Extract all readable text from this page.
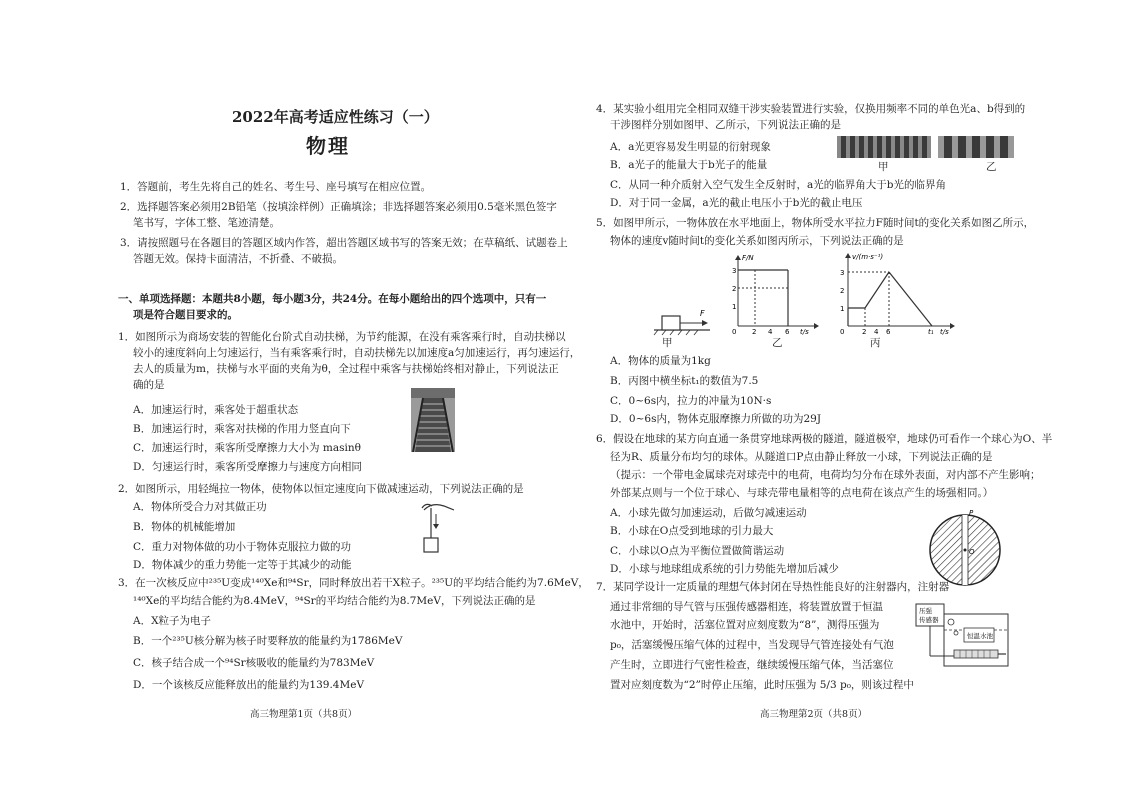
2022年高考适应性练习（一）
物理
1．答题前，考生先将自己的姓名、考生号、座号填写在相应位置。
2．选择题答案必须用2B铅笔（按填涂样例）正确填涂；非选择题答案必须用0.5毫米黑色签字
笔书写，字体工整、笔迹清楚。
3．请按照题号在各题目的答题区域内作答，超出答题区域书写的答案无效；在草稿纸、试题卷上
答题无效。保持卡面清洁，不折叠、不破损。
一、单项选择题：本题共8小题，每小题3分，共24分。在每小题给出的四个选项中，只有一
项是符合题目要求的。
1．如图所示为商场安装的智能化台阶式自动扶梯，为节约能源，在没有乘客乘行时，自动扶梯以
较小的速度斜向上匀速运行，当有乘客乘行时，自动扶梯先以加速度a匀加速运行，再匀速运行，
去人的质量为m，扶梯与水平面的夹角为θ，全过程中乘客与扶梯始终相对静止，下列说法正
确的是
A．加速运行时，乘客处于超重状态
B．加速运行时，乘客对扶梯的作用力竖直向下
C．加速运行时，乘客所受摩擦力大小为 masinθ
D．匀速运行时，乘客所受摩擦力与速度方向相同
2．如图所示，用轻绳拉一物体，使物体以恒定速度向下做减速运动，下列说法正确的是
A．物体所受合力对其做正功
B．物体的机械能增加
C．重力对物体做的功小于物体克服拉力做的功
D．物体减少的重力势能一定等于其减少的动能
3．在一次核反应中²³⁵U变成¹⁴⁰Xe和⁹⁴Sr，同时释放出若干X粒子。²³⁵U的平均结合能约为7.6MeV，
¹⁴⁰Xe的平均结合能约为8.4MeV，⁹⁴Sr的平均结合能约为8.7MeV，下列说法正确的是
A．X粒子为电子
B．一个²³⁵U核分解为核子时要释放的能量约为1786MeV
C．核子结合成一个⁹⁴Sr核吸收的能量约为783MeV
D．一个该核反应能释放出的能量约为139.4MeV
高三物理第1页（共8页）
4．某实验小组用完全相同双缝干涉实验装置进行实验，仅换用频率不同的单色光a、b得到的
干涉图样分别如图甲、乙所示，下列说法正确的是
A．a光更容易发生明显的衍射现象
B．a光子的能量大于b光子的能量
C．从同一种介质射入空气发生全反射时，a光的临界角大于b光的临界角
D．对于同一金属，a光的截止电压小于b光的截止电压
甲	乙
5．如图甲所示，一物体放在水平地面上，物体所受水平拉力F随时间t的变化关系如图乙所示，
物体的速度v随时间t的变化关系如图丙所示，下列说法正确的是
F
甲
F/N
3
2
1
0 2 4 6 t/s
乙
v/(m·s⁻¹)
3
2
1
0	2 4 6	t₁ t/s
丙
A．物体的质量为1kg
B．丙图中横坐标t₁的数值为7.5
C．0~6s内，拉力的冲量为10N·s
D．0~6s内，物体克服摩擦力所做的功为29J
6．假设在地球的某方向直通一条贯穿地球两极的隧道，隧道极窄，地球仍可看作一个球心为O、半
径为R、质量分布均匀的球体。从隧道口P点由静止释放一小球，下列说法正确的是
（提示：一个带电金属球壳对球壳中的电荷，电荷均匀分布在球外表面，对内部不产生影响；
外部某点则与一个位于球心、与球壳带电量相等的点电荷在该点产生的场强相同。）
A．小球先做匀加速运动，后做匀减速运动
B．小球在O点受到地球的引力最大
C．小球以O点为平衡位置做简谐运动
D．小球与地球组成系统的引力势能先增加后减少
P
O
7．某同学设计一定质量的理想气体封闭在导热性能良好的注射器内，注射器
通过非常细的导气管与压强传感器相连，将装置放置于恒温
水池中，开始时，活塞位置对应刻度数为“8”，测得压强为
p₀，活塞缓慢压缩气体的过程中，当发现导气管连接处有气泡
产生时，立即进行气密性检查，继续缓慢压缩气体，当活塞位
置对应刻度数为“2”时停止压缩，此时压强为 5/3 p₀，则该过程中
压强
传感器
恒温水池
高三物理第2页（共8页）
